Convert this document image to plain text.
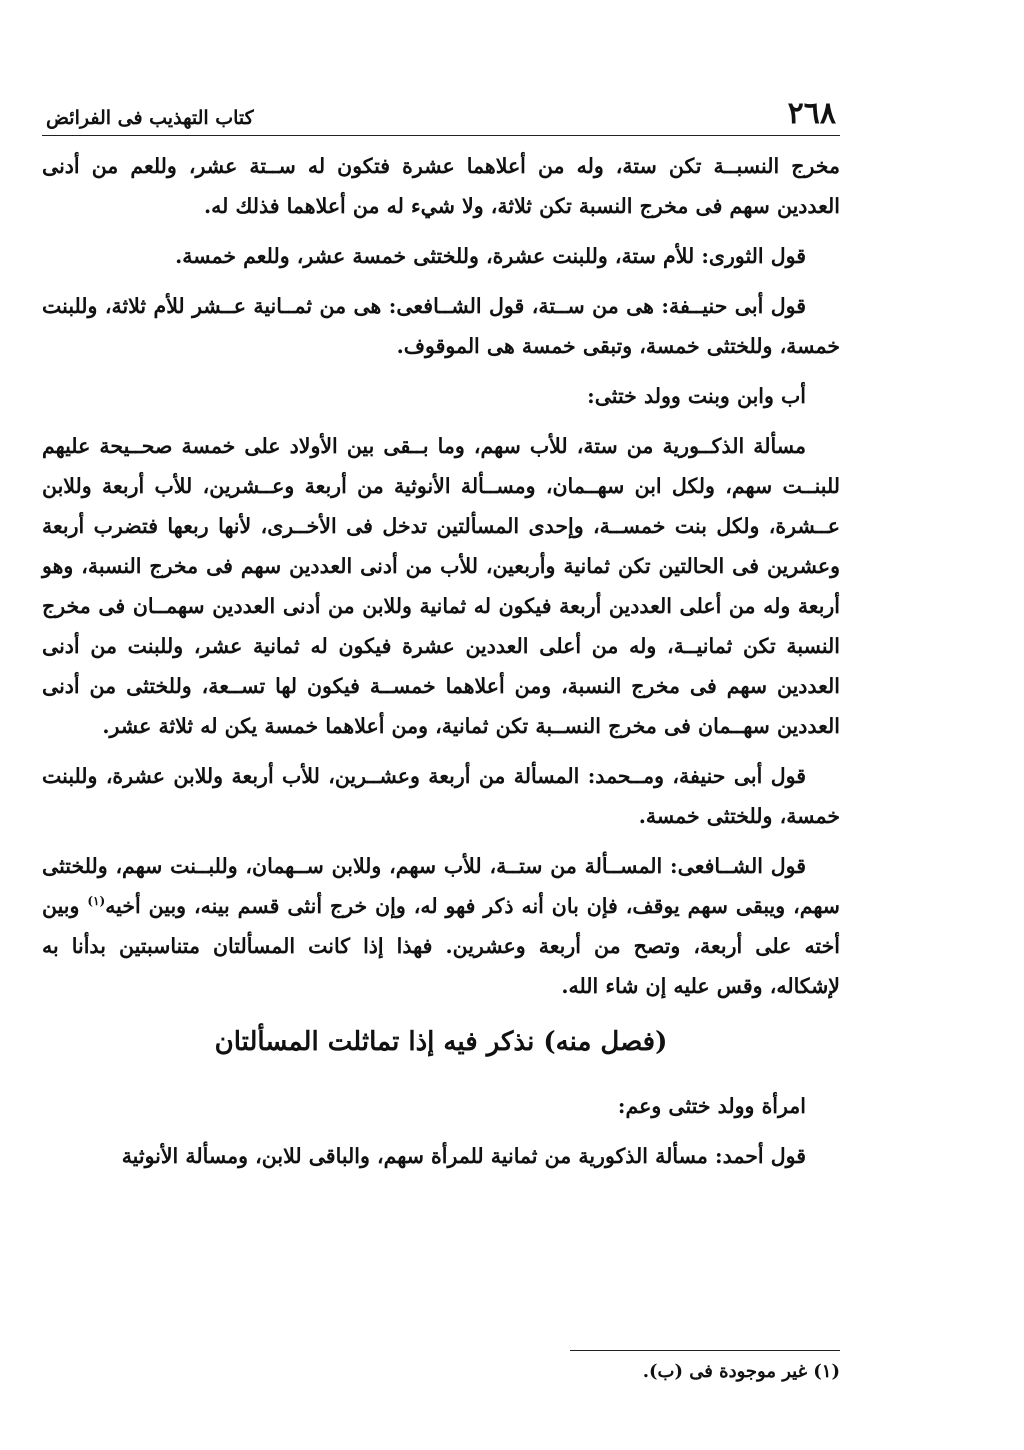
٢٦٨
كتاب التهذيب فى الفرائض

مخرج النسبــة تكن ستة، وله من أعلاهما عشرة فتكون له ســتة عشر، وللعم من أدنى العددين سهم فى مخرج النسبة تكن ثلاثة، ولا شيء له من أعلاهما فذلك له.

قول الثورى: للأم ستة، وللبنت عشرة، وللختثى خمسة عشر، وللعم خمسة.

قول أبى حنيــفة: هى من ســتة، قول الشــافعى: هى من ثمــانية عــشر للأم ثلاثة، وللبنت خمسة، وللختثى خمسة، وتبقى خمسة هى الموقوف.

أب وابن وبنت وولد ختثى:

مسألة الذكــورية من ستة، للأب سهم، وما بــقى بين الأولاد على خمسة صحــيحة عليهم للبنــت سهم، ولكل ابن سهــمان، ومســألة الأنوثية من أربعة وعــشرين، للأب أربعة وللابن عــشرة، ولكل بنت خمســة، وإحدى المسألتين تدخل فى الأخــرى، لأنها ربعها فتضرب أربعة وعشرين فى الحالتين تكن ثمانية وأربعين، للأب من أدنى العددين سهم فى مخرج النسبة، وهو أربعة وله من أعلى العددين أربعة فيكون له ثمانية وللابن من أدنى العددين سهمــان فى مخرج النسبة تكن ثمانيــة، وله من أعلى العددين عشرة فيكون له ثمانية عشر، وللبنت من أدنى العددين سهم فى مخرج النسبة، ومن أعلاهما خمســة فيكون لها تســعة، وللختثى من أدنى العددين سهــمان فى مخرج النســبة تكن ثمانية، ومن أعلاهما خمسة يكن له ثلاثة عشر.

قول أبى حنيفة، ومــحمد: المسألة من أربعة وعشــرين، للأب أربعة وللابن عشرة، وللبنت خمسة، وللختثى خمسة.

قول الشــافعى: المســألة من ستــة، للأب سهم، وللابن ســهمان، وللبــنت سهم، وللختثى سهم، ويبقى سهم يوقف، فإن بان أنه ذكر فهو له، وإن خرج أنثى قسم بينه، وبين أخيه$^{(١)}$ وبين أخته على أربعة، وتصح من أربعة وعشرين. فهذا إذا كانت المسألتان متناسبتين بدأنا به لإشكاله، وقس عليه إن شاء الله.

(فصل منه) نذكر فيه إذا تماثلت المسألتان

امرأة وولد ختثى وعم:

قول أحمد: مسألة الذكورية من ثمانية للمرأة سهم، والباقى للابن، ومسألة الأنوثية

(١) غير موجودة فى (ب).
